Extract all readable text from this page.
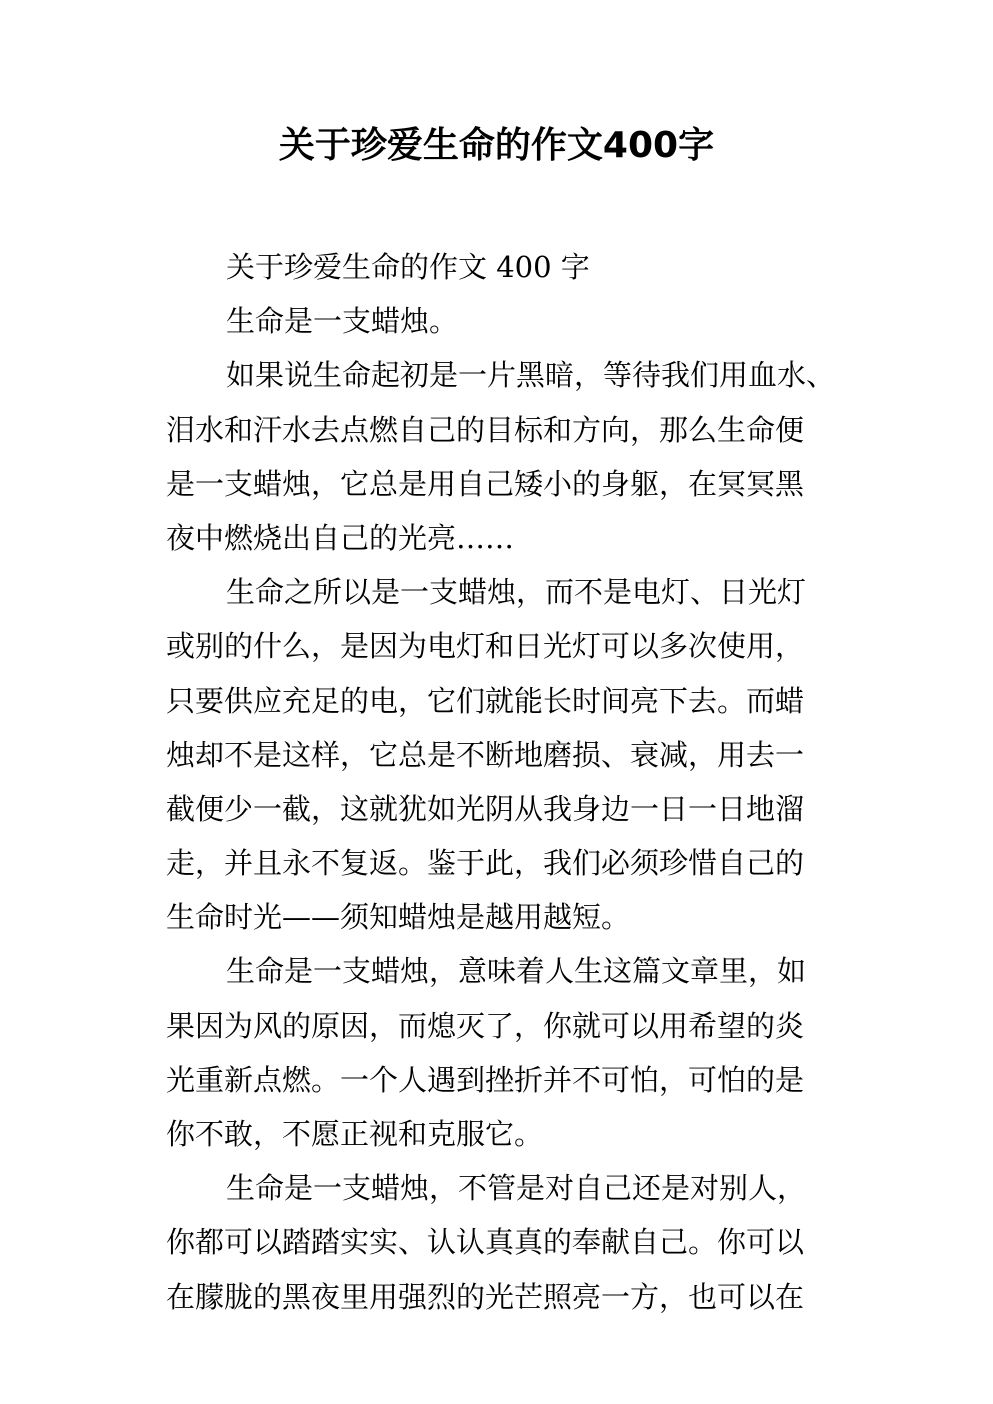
关于珍爱生命的作文400字
关于珍爱生命的作文 400 字
生命是一支蜡烛。
如果说生命起初是一片黑暗，等待我们用血水、
泪水和汗水去点燃自己的目标和方向，那么生命便
是一支蜡烛，它总是用自己矮小的身躯，在冥冥黑
夜中燃烧出自己的光亮……
生命之所以是一支蜡烛，而不是电灯、日光灯
或别的什么，是因为电灯和日光灯可以多次使用，
只要供应充足的电，它们就能长时间亮下去。而蜡
烛却不是这样，它总是不断地磨损、衰减，用去一
截便少一截，这就犹如光阴从我身边一日一日地溜
走，并且永不复返。鉴于此，我们必须珍惜自己的
生命时光——须知蜡烛是越用越短。
生命是一支蜡烛，意味着人生这篇文章里，如
果因为风的原因，而熄灭了，你就可以用希望的炎
光重新点燃。一个人遇到挫折并不可怕，可怕的是
你不敢，不愿正视和克服它。
生命是一支蜡烛，不管是对自己还是对别人，
你都可以踏踏实实、认认真真的奉献自己。你可以
在朦胧的黑夜里用强烈的光芒照亮一方，也可以在
